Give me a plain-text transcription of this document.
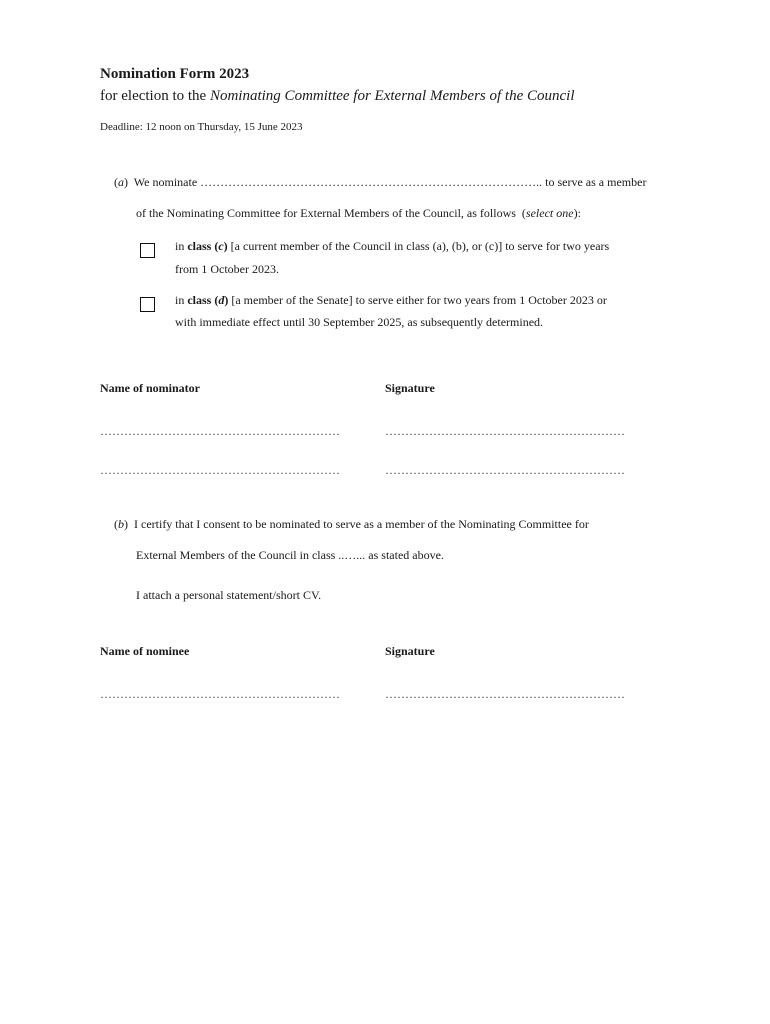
Nomination Form 2023
for election to the Nominating Committee for External Members of the Council
Deadline: 12 noon on Thursday, 15 June 2023
(a) We nominate ………………………………………………………………………….. to serve as a member
of the Nominating Committee for External Members of the Council, as follows (select one):
in class (c) [a current member of the Council in class (a), (b), or (c)] to serve for two years
from 1 October 2023.
in class (d) [a member of the Senate] to serve either for two years from 1 October 2023 or
with immediate effect until 30 September 2025, as subsequently determined.
Name of nominator	Signature
……………………………………………………	……………………………………………………
……………………………………………………	……………………………………………………
(b) I certify that I consent to be nominated to serve as a member of the Nominating Committee for
External Members of the Council in class ..…... as stated above.
I attach a personal statement/short CV.
Name of nominee	Signature
……………………………………………………	……………………………………………………
